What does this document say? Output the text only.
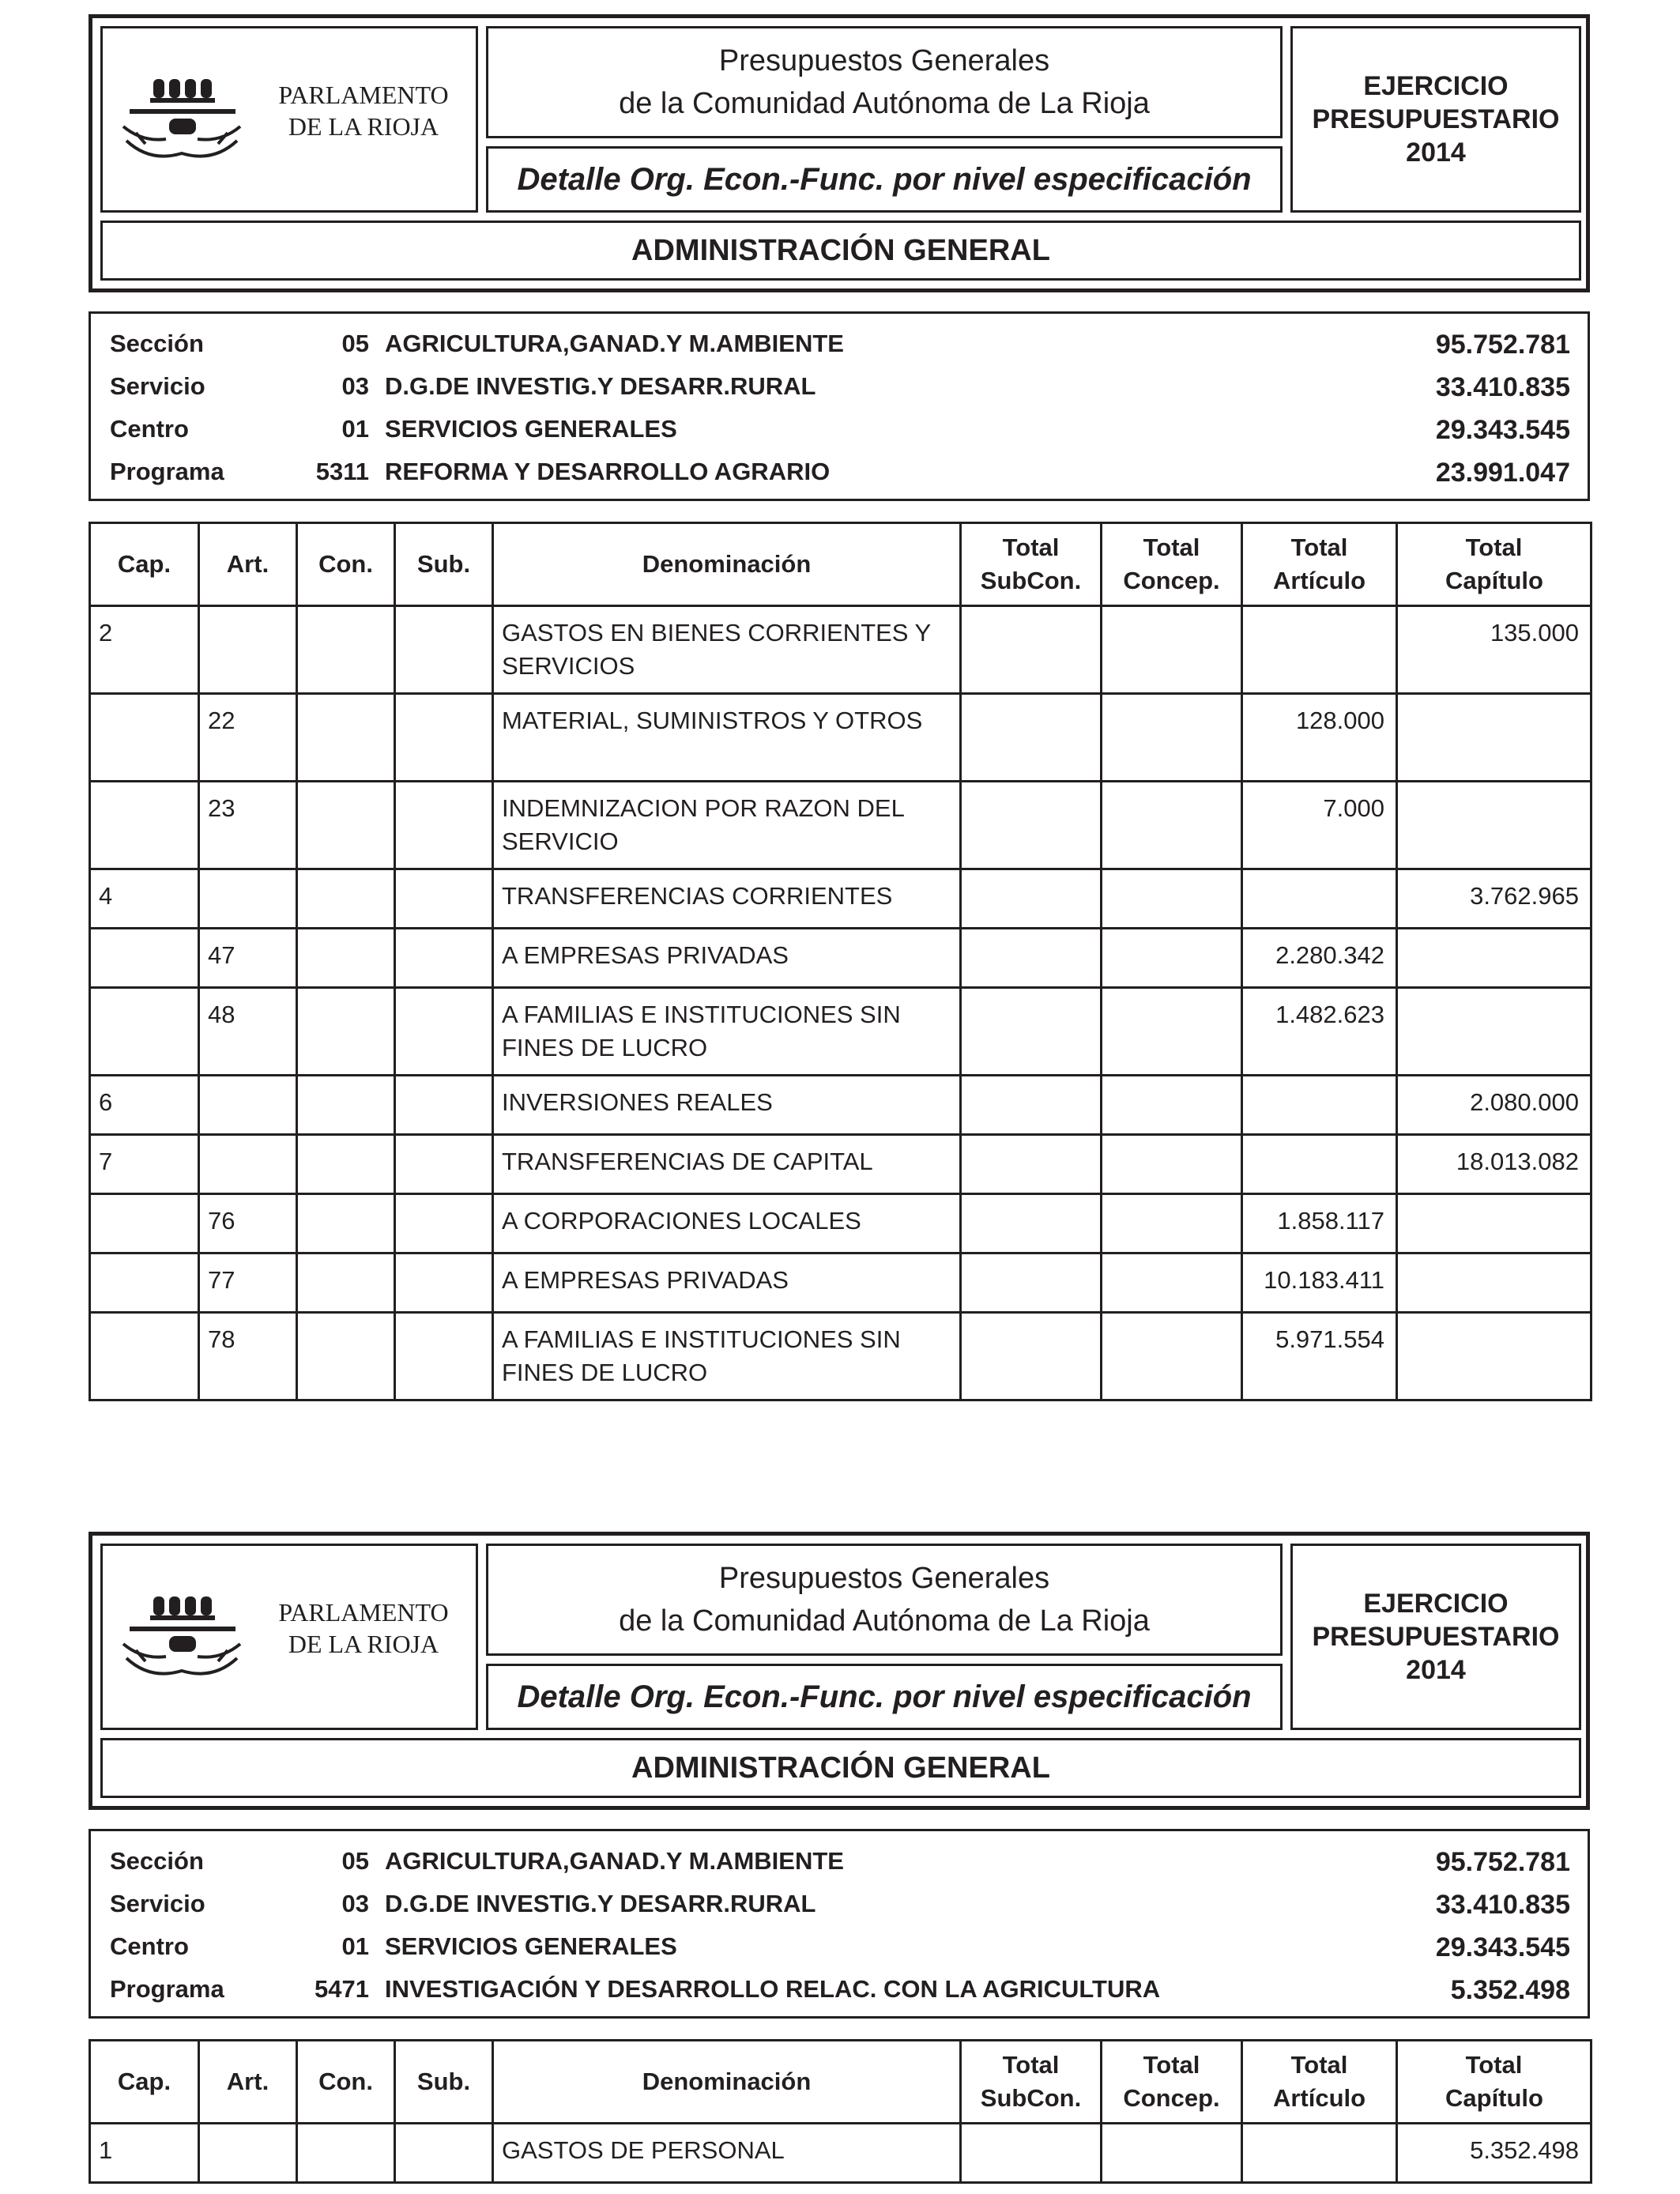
PARLAMENTO
DE LA RIOJA
Presupuestos Generales
de la Comunidad Autónoma de La Rioja
Detalle Org. Econ.-Func. por nivel especificación
EJERCICIO
PRESUPUESTARIO
2014
ADMINISTRACIÓN GENERAL
Sección	05 AGRICULTURA,GANAD.Y M.AMBIENTE	95.752.781
Servicio	03 D.G.DE INVESTIG.Y DESARR.RURAL	33.410.835
Centro	01 SERVICIOS GENERALES	29.343.545
Programa	5311 REFORMA Y DESARROLLO AGRARIO	23.991.047
Cap.	Art.	Con.	Sub.	Denominación	Total SubCon.	Total Concep.	Total Artículo	Total Capítulo
2				GASTOS EN BIENES CORRIENTES Y SERVICIOS				135.000
	22			MATERIAL, SUMINISTROS Y OTROS			128.000	
	23			INDEMNIZACION POR RAZON DEL SERVICIO			7.000	
4				TRANSFERENCIAS CORRIENTES				3.762.965
	47			A EMPRESAS PRIVADAS			2.280.342	
	48			A FAMILIAS E INSTITUCIONES SIN FINES DE LUCRO			1.482.623	
6				INVERSIONES REALES				2.080.000
7				TRANSFERENCIAS DE CAPITAL				18.013.082
	76			A CORPORACIONES LOCALES			1.858.117	
	77			A EMPRESAS PRIVADAS			10.183.411	
	78			A FAMILIAS E INSTITUCIONES SIN FINES DE LUCRO			5.971.554	
PARLAMENTO
DE LA RIOJA
Presupuestos Generales
de la Comunidad Autónoma de La Rioja
Detalle Org. Econ.-Func. por nivel especificación
EJERCICIO
PRESUPUESTARIO
2014
ADMINISTRACIÓN GENERAL
Sección	05 AGRICULTURA,GANAD.Y M.AMBIENTE	95.752.781
Servicio	03 D.G.DE INVESTIG.Y DESARR.RURAL	33.410.835
Centro	01 SERVICIOS GENERALES	29.343.545
Programa	5471 INVESTIGACIÓN Y DESARROLLO RELAC. CON LA AGRICULTURA	5.352.498
Cap.	Art.	Con.	Sub.	Denominación	Total SubCon.	Total Concep.	Total Artículo	Total Capítulo
1				GASTOS DE PERSONAL				5.352.498
